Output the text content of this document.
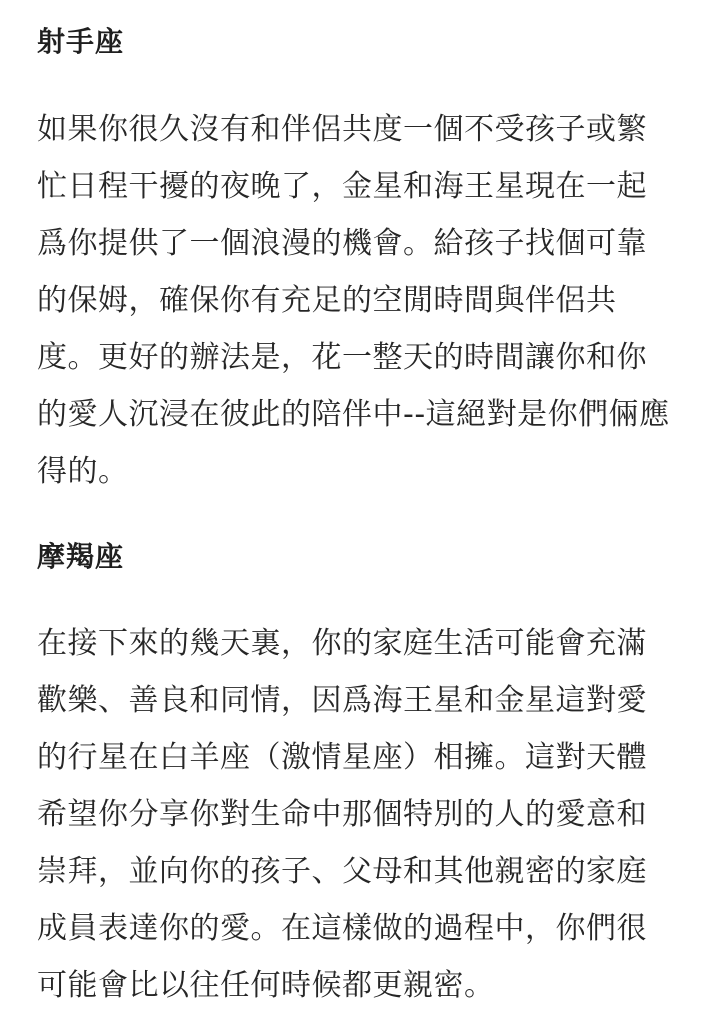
射手座

如果你很久沒有和伴侶共度一個不受孩子或繁忙日程干擾的夜晚了，金星和海王星現在一起爲你提供了一個浪漫的機會。給孩子找個可靠的保姆，確保你有充足的空閒時間與伴侶共度。更好的辦法是，花一整天的時間讓你和你的愛人沉浸在彼此的陪伴中--這絕對是你們倆應得的。

摩羯座

在接下來的幾天裏，你的家庭生活可能會充滿歡樂、善良和同情，因爲海王星和金星這對愛的行星在白羊座（激情星座）相擁。這對天體希望你分享你對生命中那個特別的人的愛意和崇拜，並向你的孩子、父母和其他親密的家庭成員表達你的愛。在這樣做的過程中，你們很可能會比以往任何時候都更親密。
